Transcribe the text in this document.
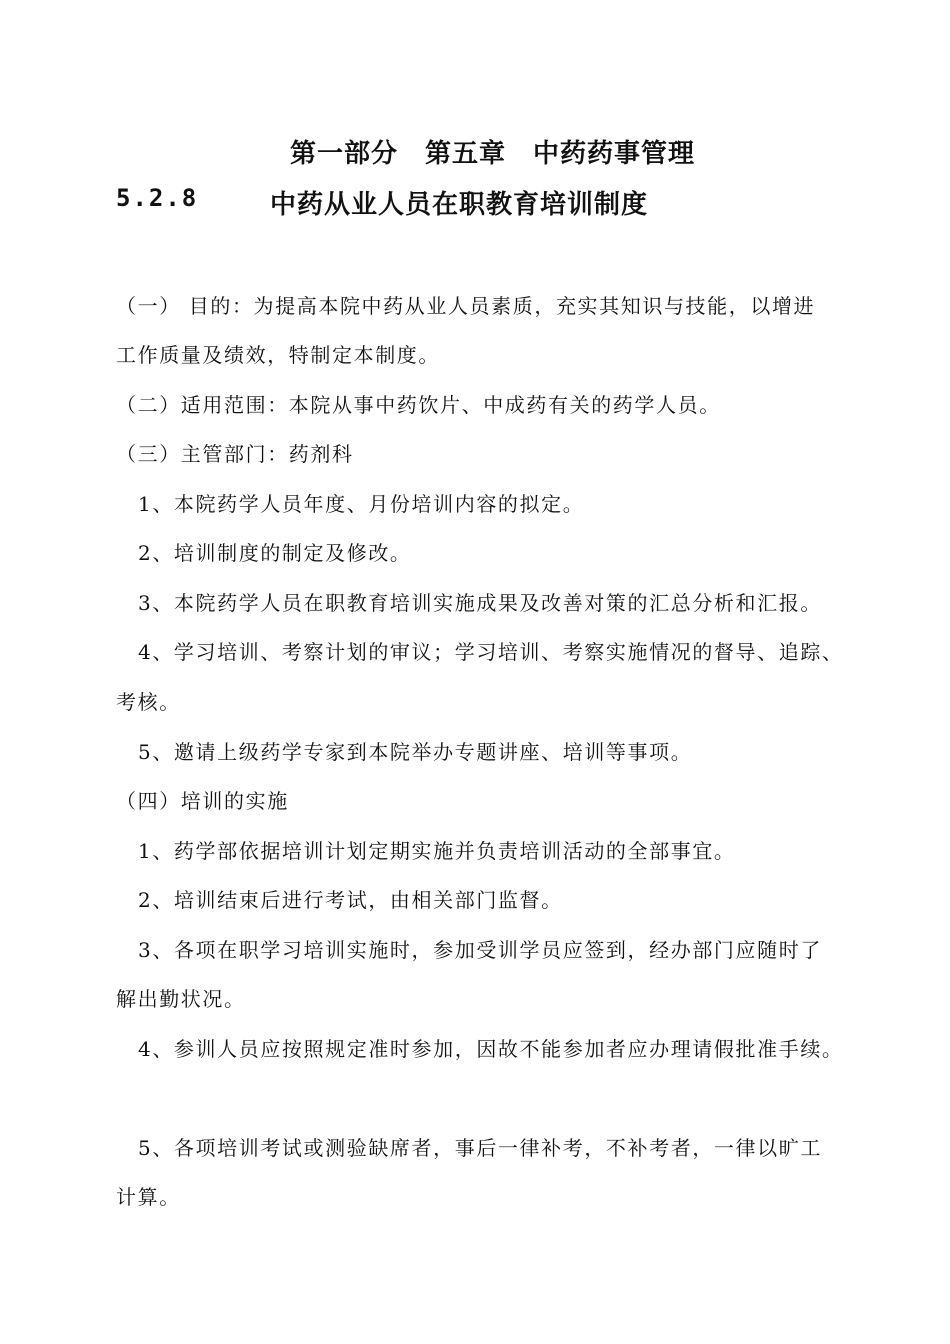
第一部分　第五章　中药药事管理
5.2.8	中药从业人员在职教育培训制度
（一） 目的：为提高本院中药从业人员素质，充实其知识与技能，以增进
工作质量及绩效，特制定本制度。
（二）适用范围：本院从事中药饮片、中成药有关的药学人员。
（三）主管部门：药剂科
1、本院药学人员年度、月份培训内容的拟定。
2、培训制度的制定及修改。
3、本院药学人员在职教育培训实施成果及改善对策的汇总分析和汇报。
4、学习培训、考察计划的审议；学习培训、考察实施情况的督导、追踪、
考核。
5、邀请上级药学专家到本院举办专题讲座、培训等事项。
（四）培训的实施
1、药学部依据培训计划定期实施并负责培训活动的全部事宜。
2、培训结束后进行考试，由相关部门监督。
3、各项在职学习培训实施时，参加受训学员应签到，经办部门应随时了
解出勤状况。
4、参训人员应按照规定准时参加，因故不能参加者应办理请假批准手续。
5、各项培训考试或测验缺席者，事后一律补考，不补考者，一律以旷工
计算。
